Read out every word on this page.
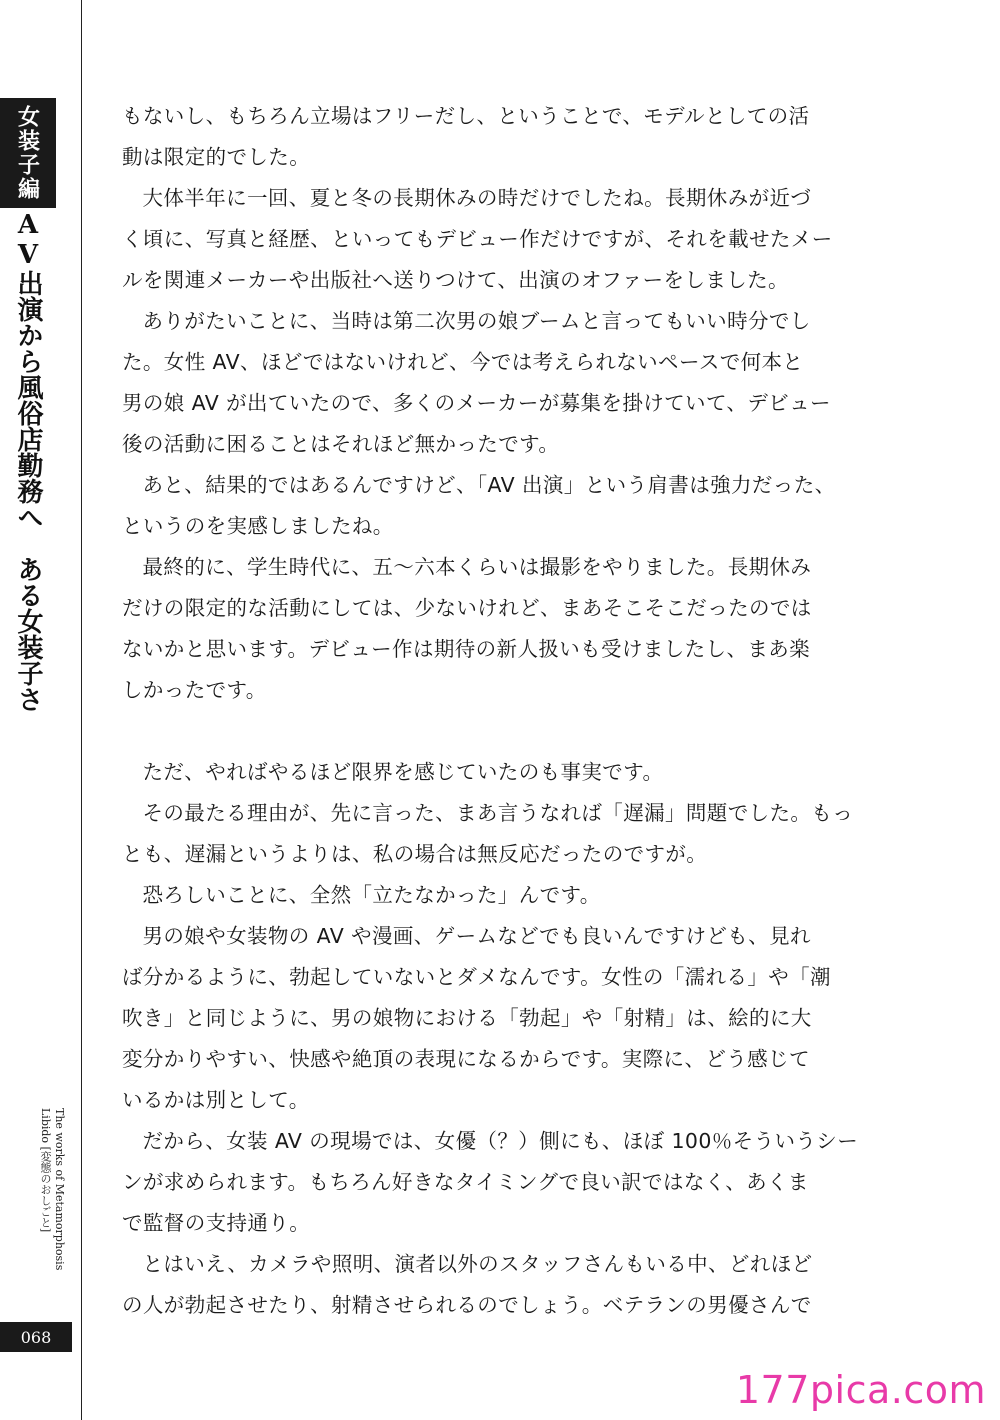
女装子編
AV出演から風俗店勤務へ　ある女装子さ
The works of Metamorphosis Libido [変態のおしごと]
068

もないし、もちろん立場はフリーだし、ということで、モデルとしての活
動は限定的でした。

大体半年に一回、夏と冬の長期休みの時だけでしたね。長期休みが近づ
く頃に、写真と経歴、といってもデビュー作だけですが、それを載せたメー
ルを関連メーカーや出版社へ送りつけて、出演のオファーをしました。

ありがたいことに、当時は第二次男の娘ブームと言ってもいい時分でし
た。女性 AV、ほどではないけれど、今では考えられないペースで何本と
男の娘 AV が出ていたので、多くのメーカーが募集を掛けていて、デビュー
後の活動に困ることはそれほど無かったです。

あと、結果的ではあるんですけど、「AV 出演」という肩書は強力だった、
というのを実感しましたね。

最終的に、学生時代に、五～六本くらいは撮影をやりました。長期休み
だけの限定的な活動にしては、少ないけれど、まあそこそこだったのでは
ないかと思います。デビュー作は期待の新人扱いも受けましたし、まあ楽
しかったです。

ただ、やればやるほど限界を感じていたのも事実です。

その最たる理由が、先に言った、まあ言うなれば「遅漏」問題でした。もっ
とも、遅漏というよりは、私の場合は無反応だったのですが。

恐ろしいことに、全然「立たなかった」んです。

男の娘や女装物の AV や漫画、ゲームなどでも良いんですけども、見れ
ば分かるように、勃起していないとダメなんです。女性の「濡れる」や「潮
吹き」と同じように、男の娘物における「勃起」や「射精」は、絵的に大
変分かりやすい、快感や絶頂の表現になるからです。実際に、どう感じて
いるかは別として。

だから、女装 AV の現場では、女優（？）側にも、ほぼ 100％そういうシー
ンが求められます。もちろん好きなタイミングで良い訳ではなく、あくま
で監督の支持通り。

とはいえ、カメラや照明、演者以外のスタッフさんもいる中、どれほど
の人が勃起させたり、射精させられるのでしょう。ベテランの男優さんで

177pica.com
